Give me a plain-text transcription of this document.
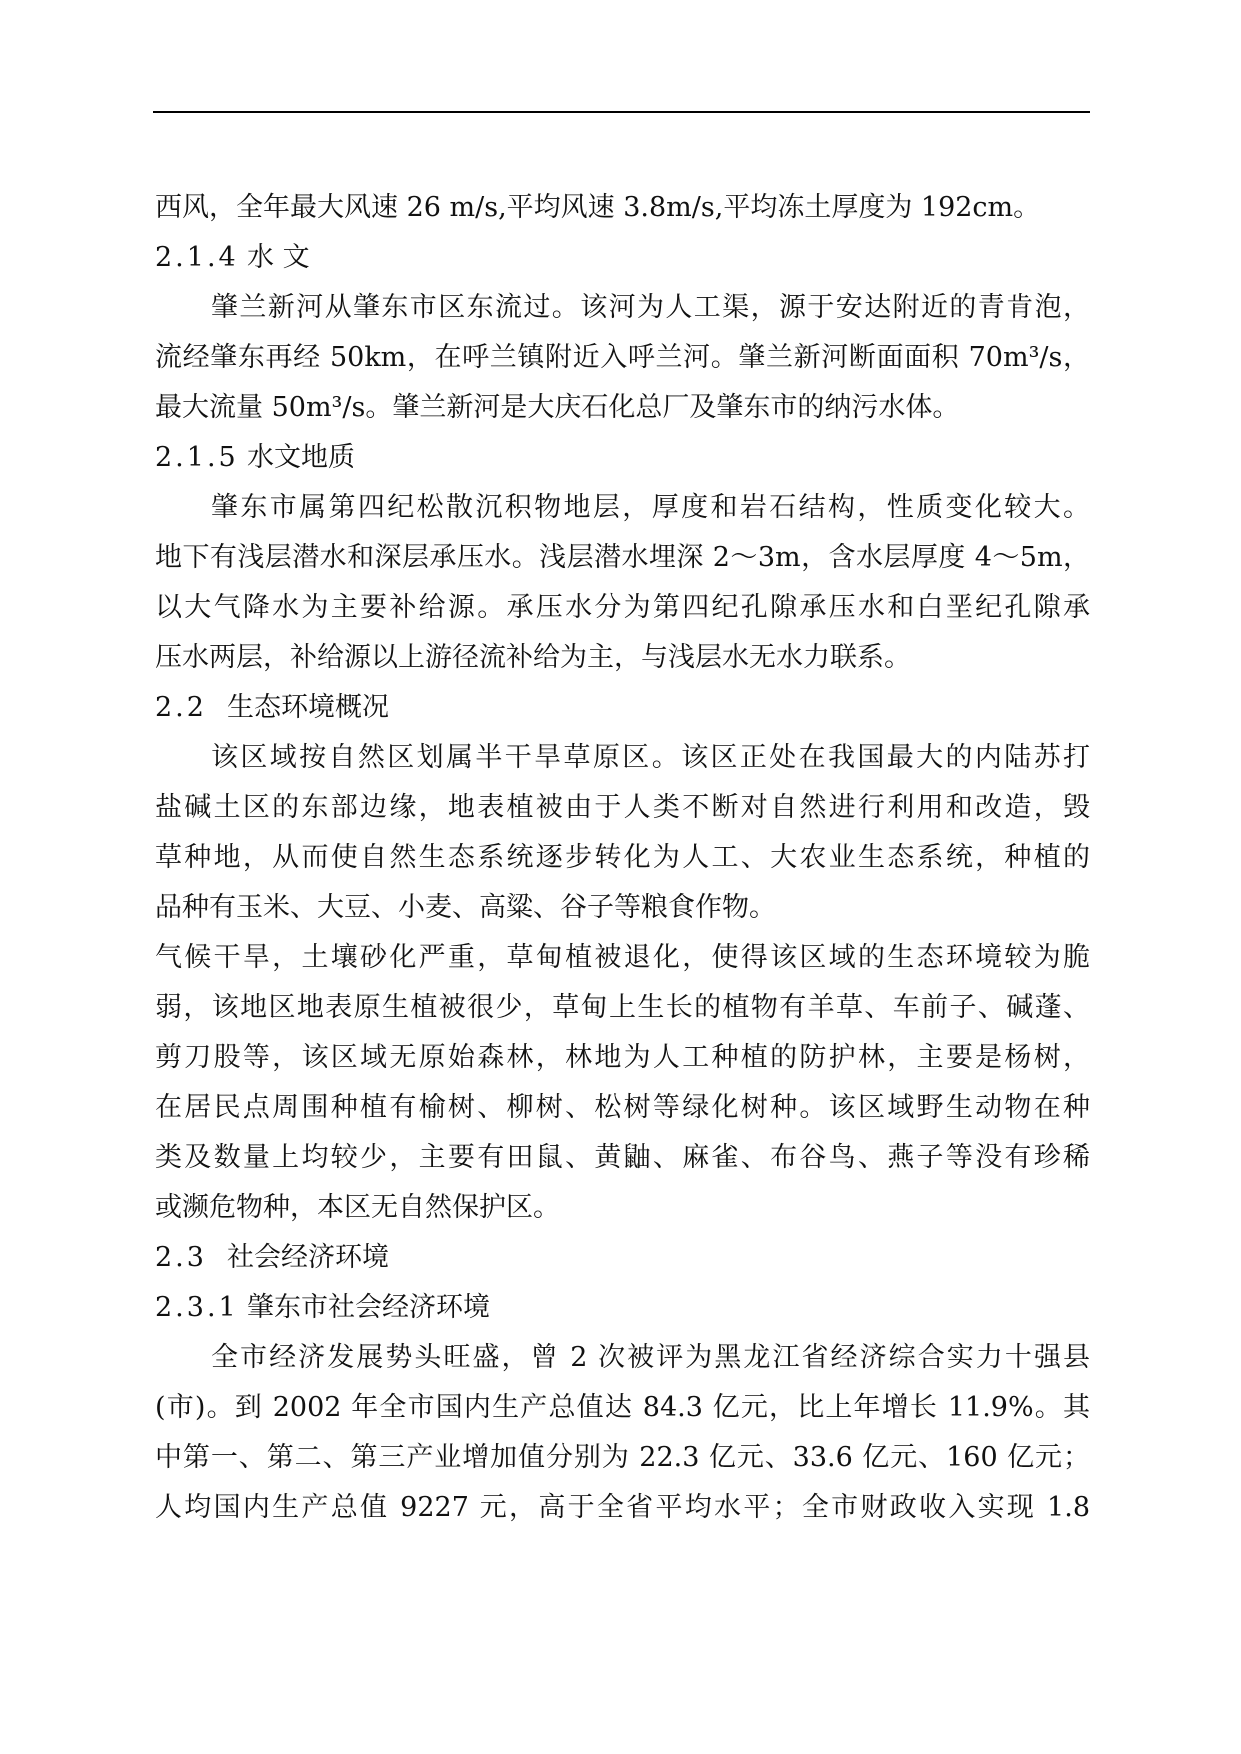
西风，全年最大风速 26 m/s,平均风速 3.8m/s,平均冻土厚度为 192cm。
2.1.4 水 文
肇兰新河从肇东市区东流过。该河为人工渠，源于安达附近的青肯泡，
流经肇东再经 50km，在呼兰镇附近入呼兰河。肇兰新河断面面积 70m³/s，
最大流量 50m³/s。肇兰新河是大庆石化总厂及肇东市的纳污水体。
2.1.5 水文地质
肇东市属第四纪松散沉积物地层，厚度和岩石结构，性质变化较大。
地下有浅层潜水和深层承压水。浅层潜水埋深 2～3m，含水层厚度 4～5m，
以大气降水为主要补给源。承压水分为第四纪孔隙承压水和白垩纪孔隙承
压水两层，补给源以上游径流补给为主，与浅层水无水力联系。
2.2 生态环境概况
该区域按自然区划属半干旱草原区。该区正处在我国最大的内陆苏打
盐碱土区的东部边缘，地表植被由于人类不断对自然进行利用和改造，毁
草种地，从而使自然生态系统逐步转化为人工、大农业生态系统，种植的
品种有玉米、大豆、小麦、高粱、谷子等粮食作物。
气候干旱，土壤砂化严重，草甸植被退化，使得该区域的生态环境较为脆
弱，该地区地表原生植被很少，草甸上生长的植物有羊草、车前子、碱蓬、
剪刀股等，该区域无原始森林，林地为人工种植的防护林，主要是杨树，
在居民点周围种植有榆树、柳树、松树等绿化树种。该区域野生动物在种
类及数量上均较少，主要有田鼠、黄鼬、麻雀、布谷鸟、燕子等没有珍稀
或濒危物种，本区无自然保护区。
2.3 社会经济环境
2.3.1 肇东市社会经济环境
全市经济发展势头旺盛，曾 2 次被评为黑龙江省经济综合实力十强县
(市)。到 2002 年全市国内生产总值达 84.3 亿元，比上年增长 11.9%。其
中第一、第二、第三产业增加值分别为 22.3 亿元、33.6 亿元、160 亿元；
人均国内生产总值 9227 元，高于全省平均水平；全市财政收入实现 1.8
